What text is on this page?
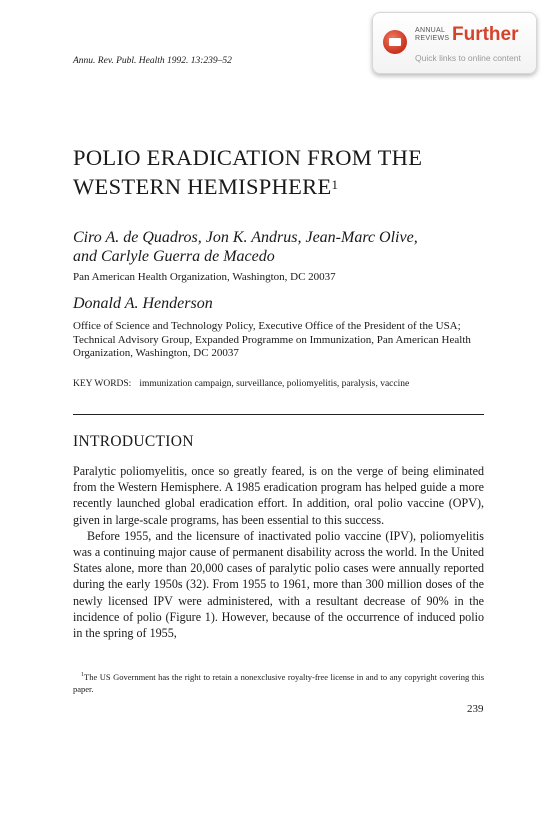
Annu. Rev. Publ. Health 1992. 13:239–52
ANNUAL
REVIEWS Further
Quick links to online content
POLIO ERADICATION FROM THE
WESTERN HEMISPHERE$^1$
Ciro A. de Quadros, Jon K. Andrus, Jean-Marc Olive,
and Carlyle Guerra de Macedo
Pan American Health Organization, Washington, DC 20037
Donald A. Henderson
Office of Science and Technology Policy, Executive Office of the President of the USA; Technical Advisory Group, Expanded Programme on Immunization, Pan American Health Organization, Washington, DC 20037
KEY WORDS: immunization campaign, surveillance, poliomyelitis, paralysis, vaccine
INTRODUCTION

Paralytic poliomyelitis, once so greatly feared, is on the verge of being eliminated from the Western Hemisphere. A 1985 eradication program has helped guide a more recently launched global eradication effort. In addition, oral polio vaccine (OPV), given in large-scale programs, has been essential to this success.

Before 1955, and the licensure of inactivated polio vaccine (IPV), poliomyelitis was a continuing major cause of permanent disability across the world. In the United States alone, more than 20,000 cases of paralytic polio cases were annually reported during the early 1950s (32). From 1955 to 1961, more than 300 million doses of the newly licensed IPV were administered, with a resultant decrease of 90% in the incidence of polio (Figure 1). However, because of the occurrence of induced polio in the spring of 1955,

$^1$The US Government has the right to retain a nonexclusive royalty-free license in and to any copyright covering this paper.
239
